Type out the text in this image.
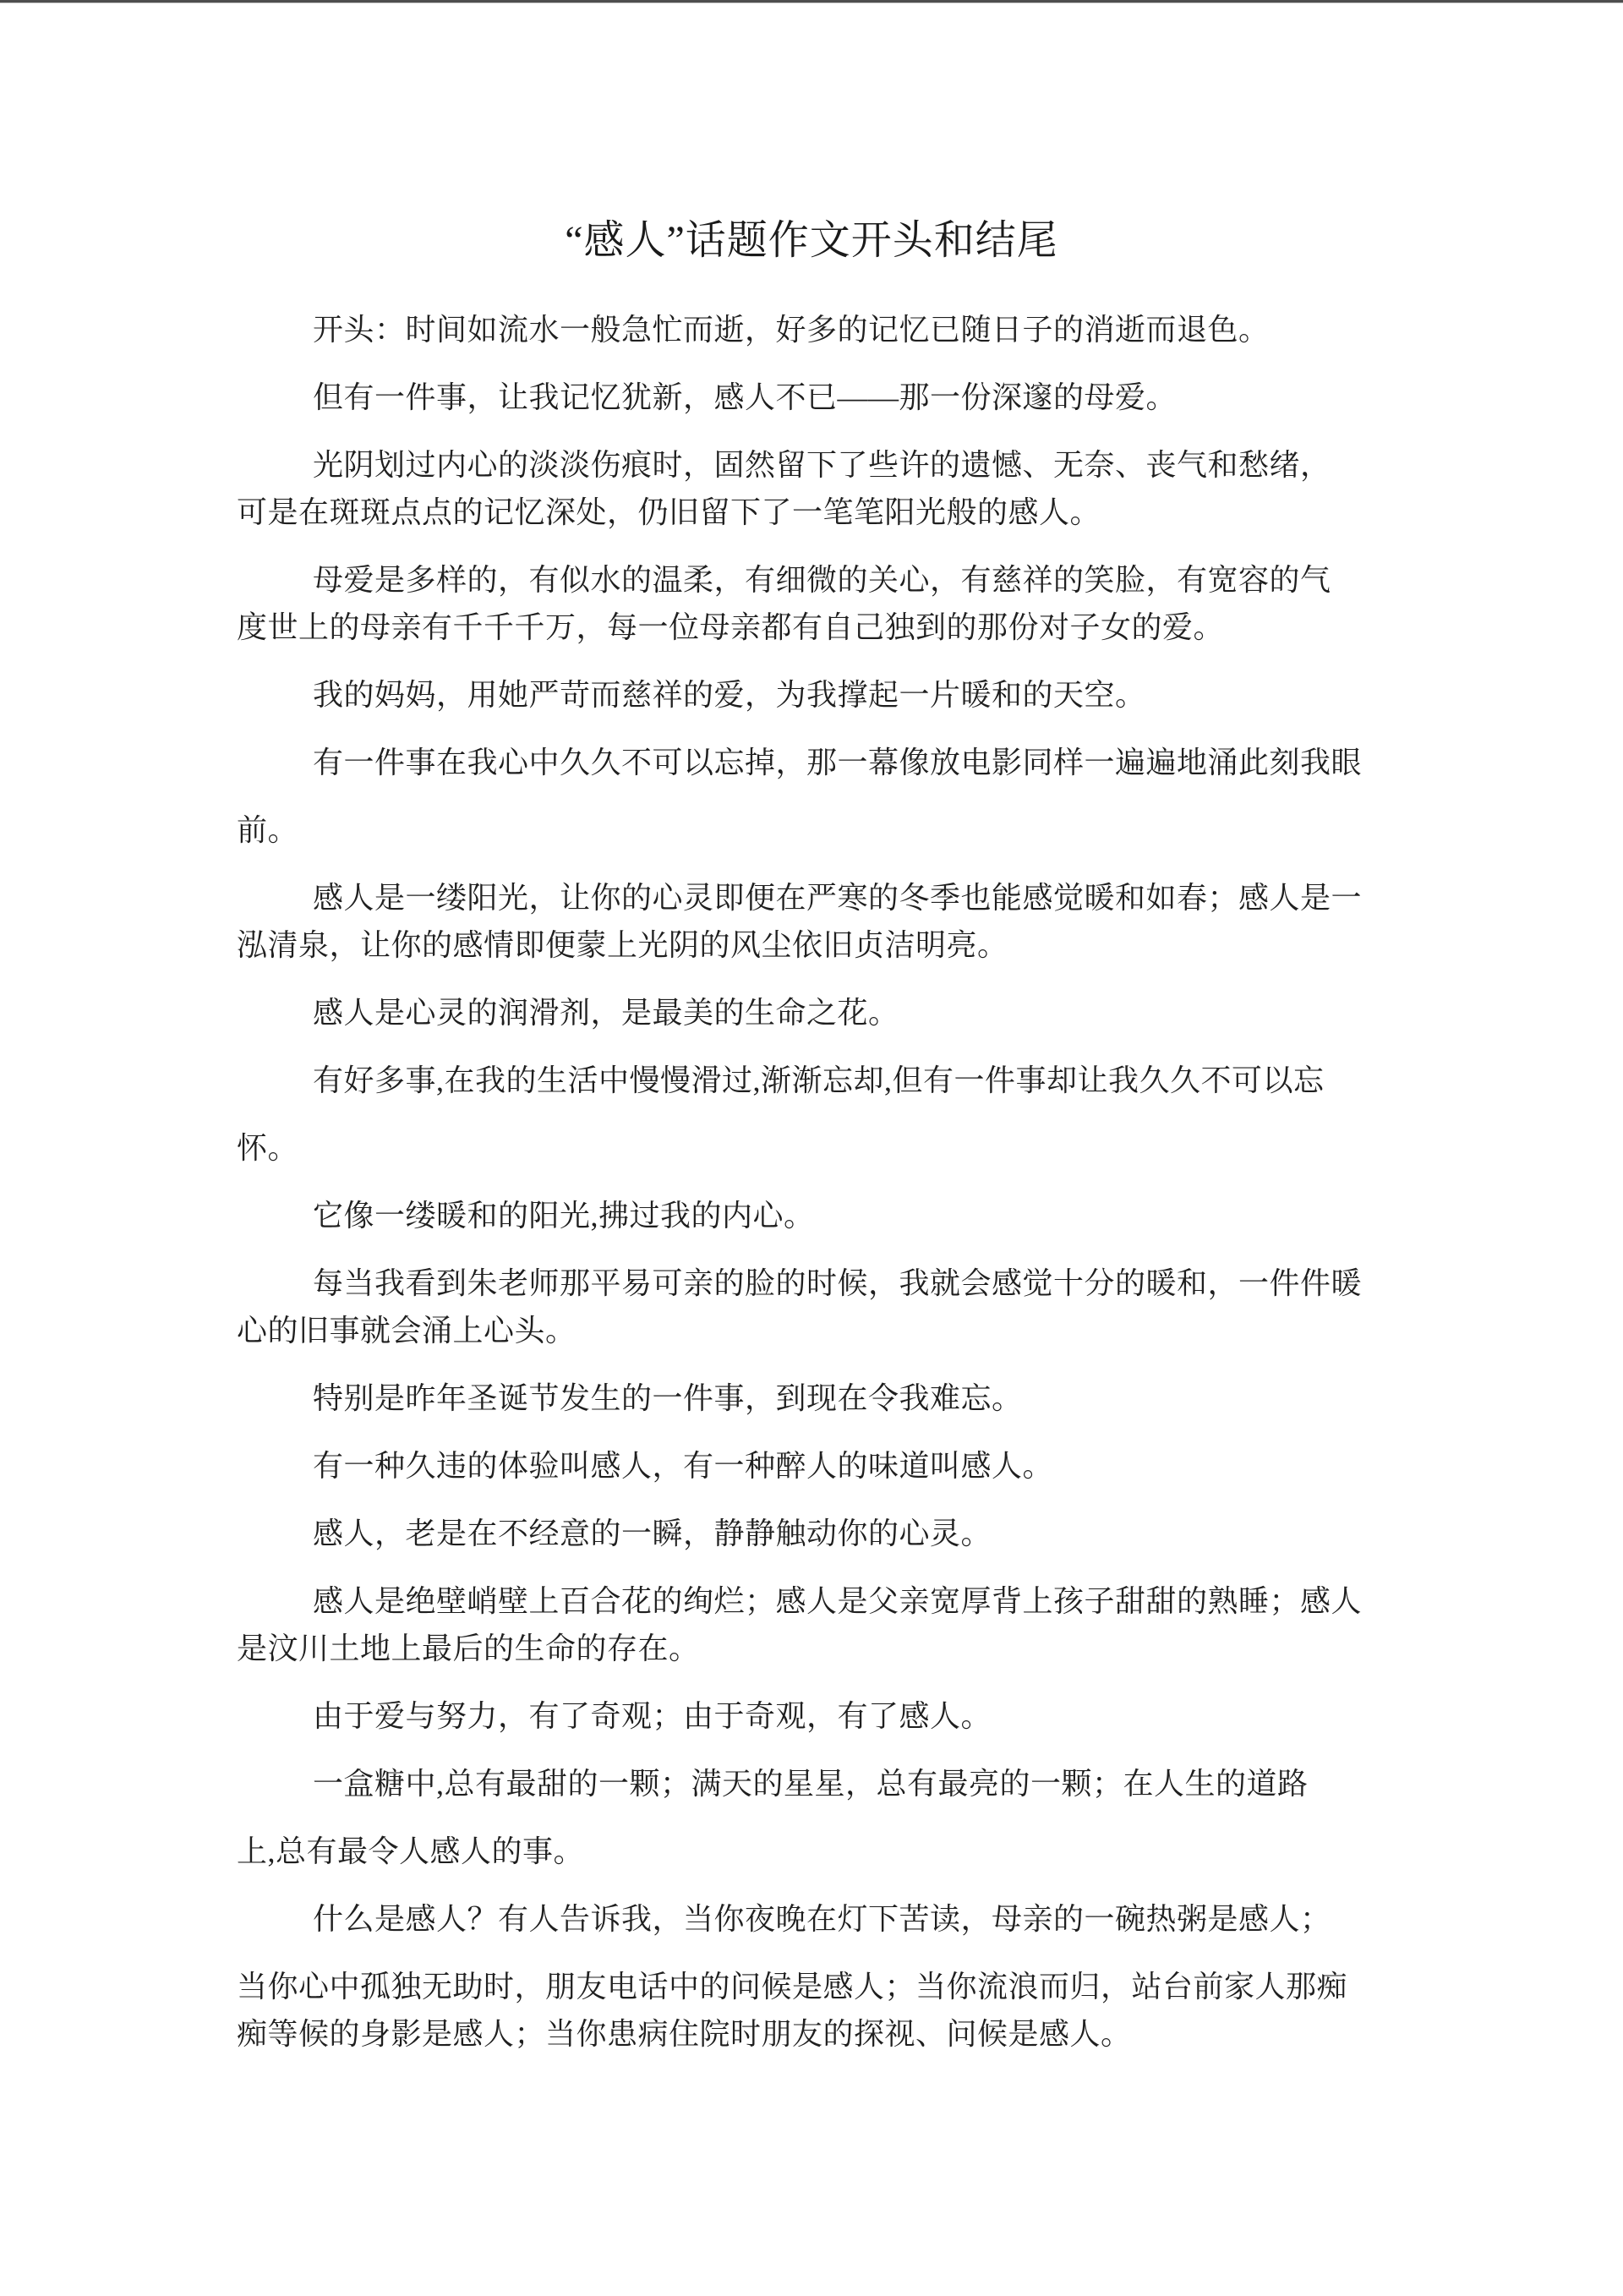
“感人”话题作文开头和结尾
开头：时间如流水一般急忙而逝，好多的记忆已随日子的消逝而退色。
但有一件事，让我记忆犹新，感人不已——那一份深邃的母爱。
光阴划过内心的淡淡伤痕时，固然留下了些许的遗憾、无奈、丧气和愁绪，
可是在斑斑点点的记忆深处，仍旧留下了一笔笔阳光般的感人。
母爱是多样的，有似水的温柔，有细微的关心，有慈祥的笑脸，有宽容的气
度世上的母亲有千千千万，每一位母亲都有自己独到的那份对子女的爱。
我的妈妈，用她严苛而慈祥的爱，为我撑起一片暖和的天空。
有一件事在我心中久久不可以忘掉，那一幕像放电影同样一遍遍地涌此刻我眼
前。
感人是一缕阳光，让你的心灵即便在严寒的冬季也能感觉暖和如春；感人是一
泓清泉，让你的感情即便蒙上光阴的风尘依旧贞洁明亮。
感人是心灵的润滑剂，是最美的生命之花。
有好多事,在我的生活中慢慢滑过,渐渐忘却,但有一件事却让我久久不可以忘
怀。
它像一缕暖和的阳光,拂过我的内心。
每当我看到朱老师那平易可亲的脸的时候，我就会感觉十分的暖和，一件件暖
心的旧事就会涌上心头。
特别是昨年圣诞节发生的一件事，到现在令我难忘。
有一种久违的体验叫感人，有一种醉人的味道叫感人。
感人，老是在不经意的一瞬，静静触动你的心灵。
感人是绝壁峭壁上百合花的绚烂；感人是父亲宽厚背上孩子甜甜的熟睡；感人
是汶川土地上最后的生命的存在。
由于爱与努力，有了奇观；由于奇观，有了感人。
一盒糖中,总有最甜的一颗；满天的星星，总有最亮的一颗；在人生的道路
上,总有最令人感人的事。
什么是感人？有人告诉我，当你夜晚在灯下苦读，母亲的一碗热粥是感人；
当你心中孤独无助时，朋友电话中的问候是感人；当你流浪而归，站台前家人那痴
痴等候的身影是感人；当你患病住院时朋友的探视、问候是感人。
